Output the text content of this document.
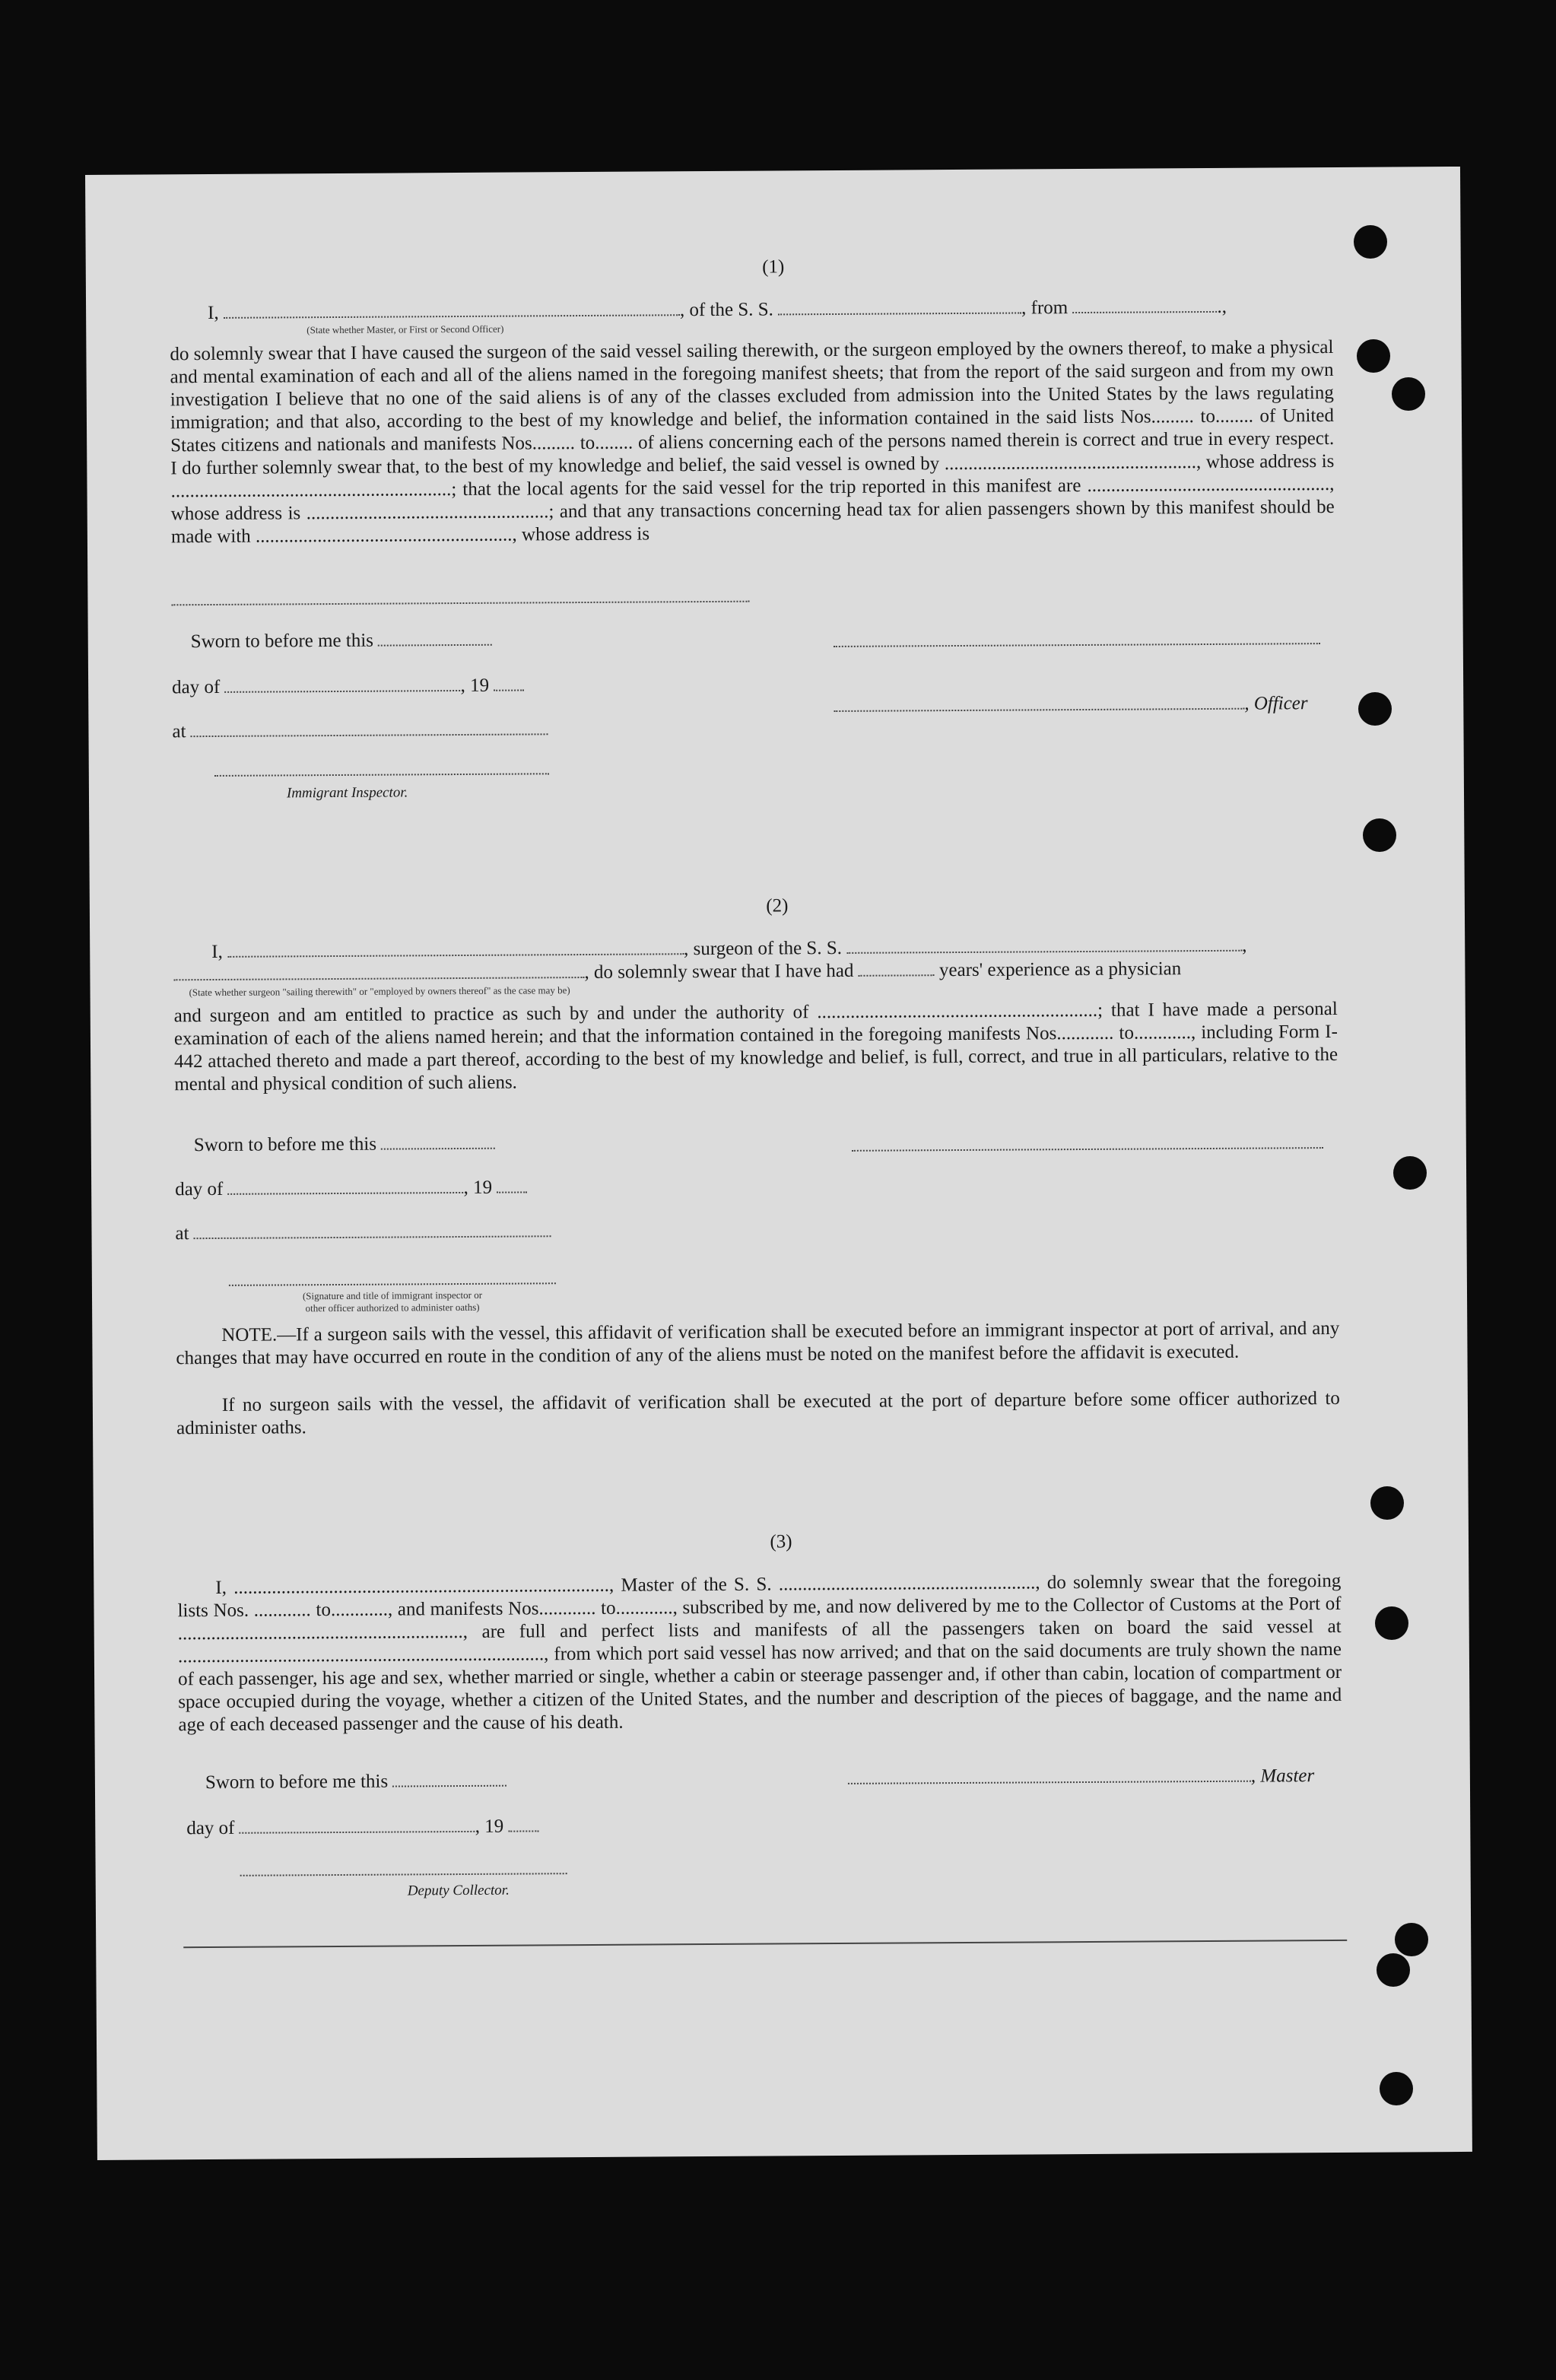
(1)
I,	, of the S. S.	, from	.,
(State whether Master, or First or Second Officer)
do solemnly swear that I have caused the surgeon of the said vessel sailing therewith, or the surgeon employed by the owners thereof, to make a physical and mental examination of each and all of the aliens named in the foregoing manifest sheets; that from the report of the said surgeon and from my own investigation I believe that no one of the said aliens is of any of the classes excluded from admission into the United States by the laws regulating immigration; and that also, according to the best of my knowledge and belief, the information contained in the said lists Nos......... to........ of United States citizens and nationals and manifests Nos......... to........ of aliens concerning each of the persons named therein is correct and true in every respect. I do further solemnly swear that, to the best of my knowledge and belief, the said vessel is owned by ....................................................., whose address is ...........................................................; that the local agents for the said vessel for the trip reported in this manifest are ..................................................., whose address is ...................................................; and that any transactions concerning head tax for alien passengers shown by this manifest should be made with ......................................................, whose address is
Sworn to before me this
day of	, 19
, Officer
at
Immigrant Inspector.
(2)
I,	, surgeon of the S. S.	,
, do solemnly swear that I have had	years' experience as a physician
(State whether surgeon "sailing therewith" or "employed by owners thereof" as the case may be)
and surgeon and am entitled to practice as such by and under the authority of ...........................................................; that I have made a personal examination of each of the aliens named herein; and that the information contained in the foregoing manifests Nos............ to............, including Form I-442 attached thereto and made a part thereof, according to the best of my knowledge and belief, is full, correct, and true in all particulars, relative to the mental and physical condition of such aliens.
Sworn to before me this
day of	, 19
at
(Signature and title of immigrant inspector or
other officer authorized to administer oaths)
NOTE.—If a surgeon sails with the vessel, this affidavit of verification shall be executed before an immigrant inspector at port of arrival, and any changes that may have occurred en route in the condition of any of the aliens must be noted on the manifest before the affidavit is executed.
If no surgeon sails with the vessel, the affidavit of verification shall be executed at the port of departure before some officer authorized to administer oaths.
(3)
I, ..............................................................................., Master of the S. S. ......................................................, do solemnly swear that the foregoing lists Nos. ............ to............, and manifests Nos............ to............, subscribed by me, and now delivered by me to the Collector of Customs at the Port of ............................................................, are full and perfect lists and manifests of all the passengers taken on board the said vessel at ............................................................................., from which port said vessel has now arrived; and that on the said documents are truly shown the name of each passenger, his age and sex, whether married or single, whether a cabin or steerage passenger and, if other than cabin, location of compartment or space occupied during the voyage, whether a citizen of the United States, and the number and description of the pieces of baggage, and the name and age of each deceased passenger and the cause of his death.
Sworn to before me this	, Master
day of	, 19
Deputy Collector.
